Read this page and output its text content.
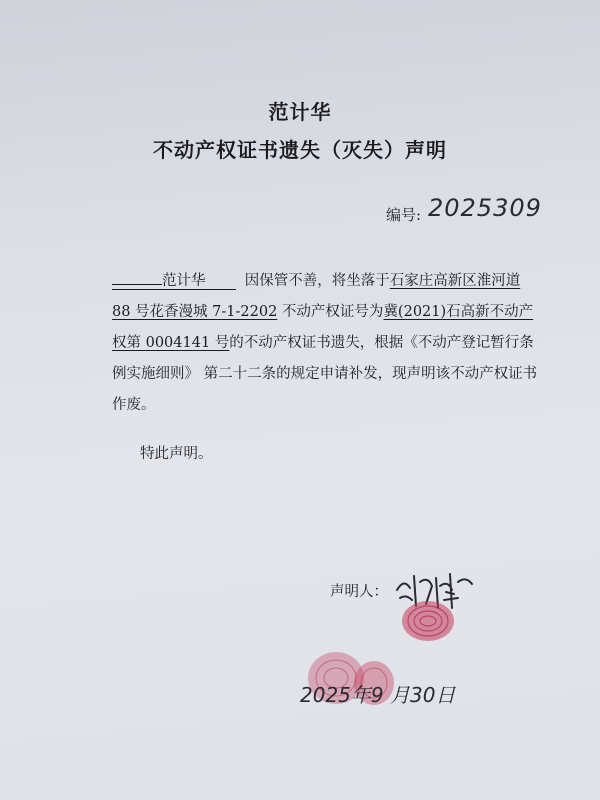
范计华
不动产权证书遗失（灭失）声明
编号: 2025309
范计华	因保管不善，将坐落于石家庄高新区淮河道
88 号花香漫城 7-1-2202 不动产权证号为冀(2021)石高新不动产权第 0004141 号的不动产权证书遗失，根据《不动产登记暂行条例实施细则》 第二十二条的规定申请补发，现声明该不动产权证书作废。
特此声明。
声明人：
2025年9 月30日
